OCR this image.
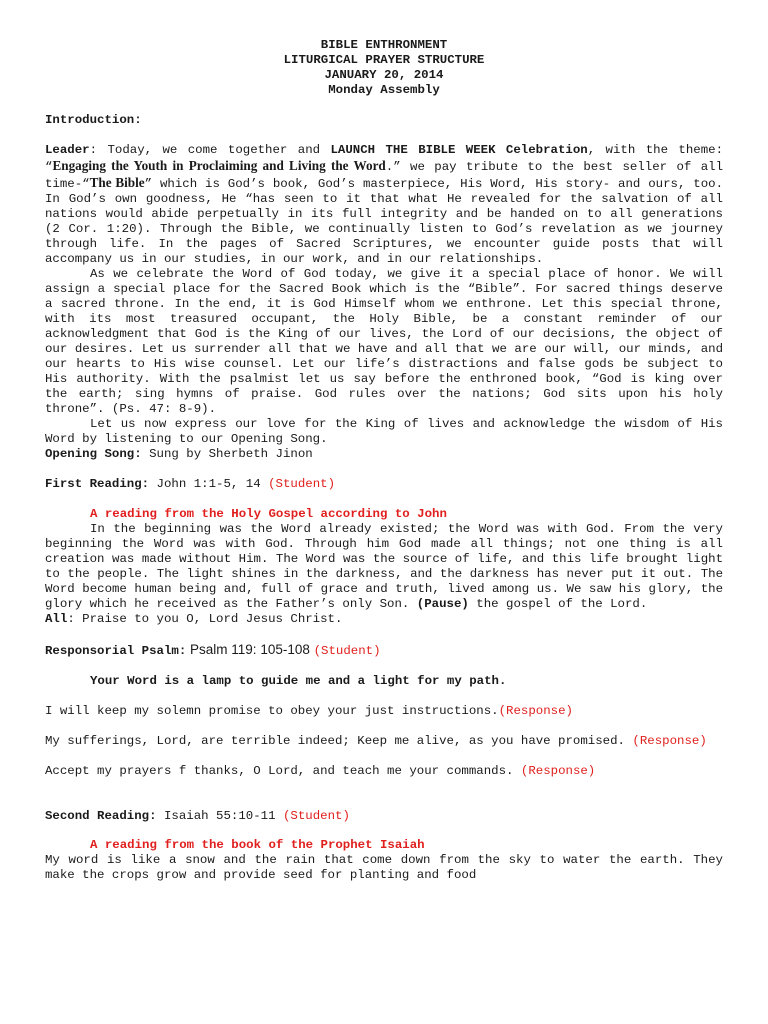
BIBLE ENTHRONMENT
LITURGICAL PRAYER STRUCTURE
JANUARY 20, 2014
Monday Assembly

Introduction:

Leader: Today, we come together and LAUNCH THE BIBLE WEEK Celebration, with the theme: “Engaging the Youth in Proclaiming and Living the Word.” we pay tribute to the best seller of all time-“The Bible” which is God’s book, God’s masterpiece, His Word, His story- and ours, too. In God’s own goodness, He “has seen to it that what He revealed for the salvation of all nations would abide perpetually in its full integrity and be handed on to all generations (2 Cor. 1:20). Through the Bible, we continually listen to God’s revelation as we journey through life. In the pages of Sacred Scriptures, we encounter guide posts that will accompany us in our studies, in our work, and in our relationships.

As we celebrate the Word of God today, we give it a special place of honor. We will assign a special place for the Sacred Book which is the “Bible”. For sacred things deserve a sacred throne. In the end, it is God Himself whom we enthrone. Let this special throne, with its most treasured occupant, the Holy Bible, be a constant reminder of our acknowledgment that God is the King of our lives, the Lord of our decisions, the object of our desires. Let us surrender all that we have and all that we are our will, our minds, and our hearts to His wise counsel. Let our life’s distractions and false gods be subject to His authority. With the psalmist let us say before the enthroned book, “God is king over the earth; sing hymns of praise. God rules over the nations; God sits upon his holy throne”. (Ps. 47: 8-9).

Let us now express our love for the King of lives and acknowledge the wisdom of His Word by listening to our Opening Song.

Opening Song: Sung by Sherbeth Jinon

First Reading: John 1:1-5, 14 (Student)

A reading from the Holy Gospel according to John

In the beginning was the Word already existed; the Word was with God. From the very beginning the Word was with God. Through him God made all things; not one thing is all creation was made without Him. The Word was the source of life, and this life brought light to the people. The light shines in the darkness, and the darkness has never put it out. The Word become human being and, full of grace and truth, lived among us. We saw his glory, the glory which he received as the Father’s only Son. (Pause) the gospel of the Lord.

All: Praise to you O, Lord Jesus Christ.

Responsorial Psalm: Psalm 119: 105-108 (Student)

Your Word is a lamp to guide me and a light for my path.

I will keep my solemn promise to obey your just instructions.(Response)

My sufferings, Lord, are terrible indeed; Keep me alive, as you have promised. (Response)

Accept my prayers f thanks, O Lord, and teach me your commands. (Response)

Second Reading: Isaiah 55:10-11 (Student)

A reading from the book of the Prophet Isaiah

My word is like a snow and the rain that come down from the sky to water the earth. They make the crops grow and provide seed for planting and food
